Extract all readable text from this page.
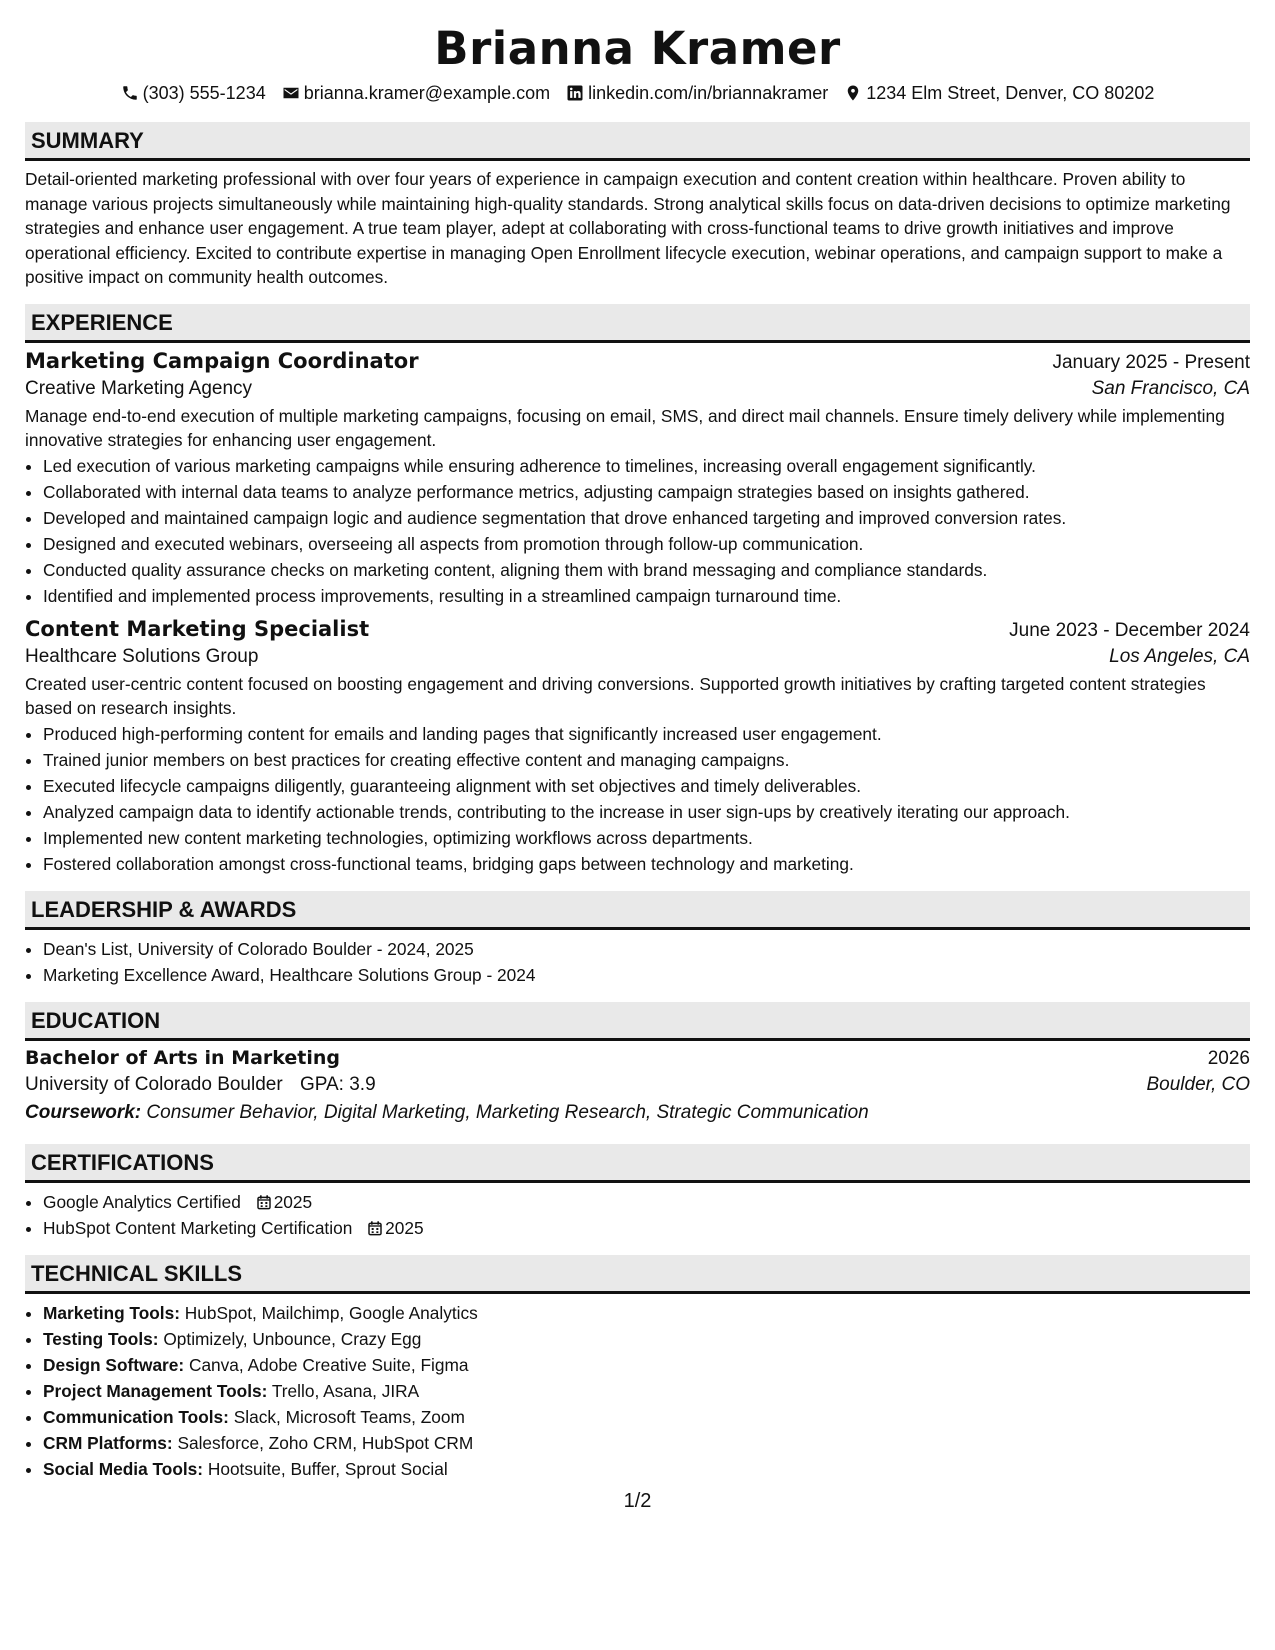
Brianna Kramer
(303) 555-1234 brianna.kramer@example.com linkedin.com/in/briannakramer 1234 Elm Street, Denver, CO 80202
SUMMARY
Detail-oriented marketing professional with over four years of experience in campaign execution and content creation within healthcare. Proven ability to manage various projects simultaneously while maintaining high-quality standards. Strong analytical skills focus on data-driven decisions to optimize marketing strategies and enhance user engagement. A true team player, adept at collaborating with cross-functional teams to drive growth initiatives and improve operational efficiency. Excited to contribute expertise in managing Open Enrollment lifecycle execution, webinar operations, and campaign support to make a positive impact on community health outcomes.
EXPERIENCE
Marketing Campaign Coordinator	January 2025 - Present
Creative Marketing Agency	San Francisco, CA
Manage end-to-end execution of multiple marketing campaigns, focusing on email, SMS, and direct mail channels. Ensure timely delivery while implementing innovative strategies for enhancing user engagement.
• Led execution of various marketing campaigns while ensuring adherence to timelines, increasing overall engagement significantly.
• Collaborated with internal data teams to analyze performance metrics, adjusting campaign strategies based on insights gathered.
• Developed and maintained campaign logic and audience segmentation that drove enhanced targeting and improved conversion rates.
• Designed and executed webinars, overseeing all aspects from promotion through follow-up communication.
• Conducted quality assurance checks on marketing content, aligning them with brand messaging and compliance standards.
• Identified and implemented process improvements, resulting in a streamlined campaign turnaround time.
Content Marketing Specialist	June 2023 - December 2024
Healthcare Solutions Group	Los Angeles, CA
Created user-centric content focused on boosting engagement and driving conversions. Supported growth initiatives by crafting targeted content strategies based on research insights.
• Produced high-performing content for emails and landing pages that significantly increased user engagement.
• Trained junior members on best practices for creating effective content and managing campaigns.
• Executed lifecycle campaigns diligently, guaranteeing alignment with set objectives and timely deliverables.
• Analyzed campaign data to identify actionable trends, contributing to the increase in user sign-ups by creatively iterating our approach.
• Implemented new content marketing technologies, optimizing workflows across departments.
• Fostered collaboration amongst cross-functional teams, bridging gaps between technology and marketing.
LEADERSHIP & AWARDS
• Dean's List, University of Colorado Boulder - 2024, 2025
• Marketing Excellence Award, Healthcare Solutions Group - 2024
EDUCATION
Bachelor of Arts in Marketing	2026
University of Colorado Boulder GPA: 3.9	Boulder, CO
Coursework: Consumer Behavior, Digital Marketing, Marketing Research, Strategic Communication
CERTIFICATIONS
• Google Analytics Certified 2025
• HubSpot Content Marketing Certification 2025
TECHNICAL SKILLS
• Marketing Tools: HubSpot, Mailchimp, Google Analytics
• Testing Tools: Optimizely, Unbounce, Crazy Egg
• Design Software: Canva, Adobe Creative Suite, Figma
• Project Management Tools: Trello, Asana, JIRA
• Communication Tools: Slack, Microsoft Teams, Zoom
• CRM Platforms: Salesforce, Zoho CRM, HubSpot CRM
• Social Media Tools: Hootsuite, Buffer, Sprout Social
1/2
